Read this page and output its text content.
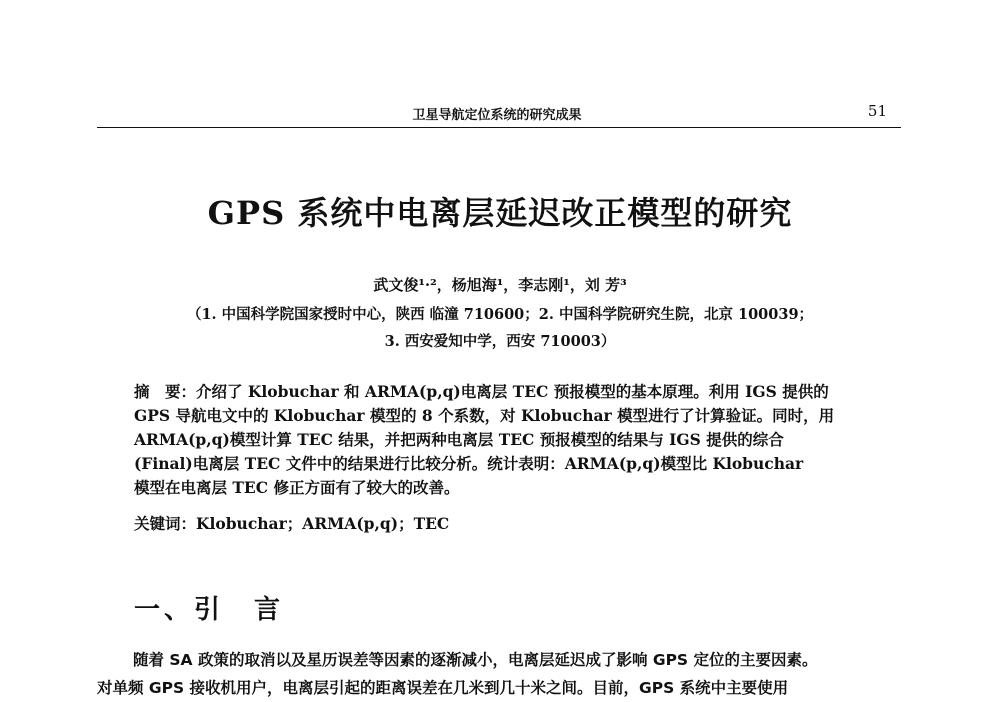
卫星导航定位系统的研究成果	51
GPS 系统中电离层延迟改正模型的研究
武文俊¹·²，杨旭海¹，李志刚¹，刘 芳³
（1. 中国科学院国家授时中心，陕西 临潼 710600；2. 中国科学院研究生院，北京 100039；
3. 西安爱知中学，西安 710003）

摘　要：介绍了 Klobuchar 和 ARMA(p,q)电离层 TEC 预报模型的基本原理。利用 IGS 提供的

GPS 导航电文中的 Klobuchar 模型的 8 个系数，对 Klobuchar 模型进行了计算验证。同时，用

ARMA(p,q)模型计算 TEC 结果，并把两种电离层 TEC 预报模型的结果与 IGS 提供的综合

(Final)电离层 TEC 文件中的结果进行比较分析。统计表明：ARMA(p,q)模型比 Klobuchar

模型在电离层 TEC 修正方面有了较大的改善。

关键词：Klobuchar；ARMA(p,q)；TEC
一、引　言

随着 SA 政策的取消以及星历误差等因素的逐渐减小，电离层延迟成了影响 GPS 定位的主要因素。

对单频 GPS 接收机用户，电离层引起的距离误差在几米到几十米之间。目前，GPS 系统中主要使用
